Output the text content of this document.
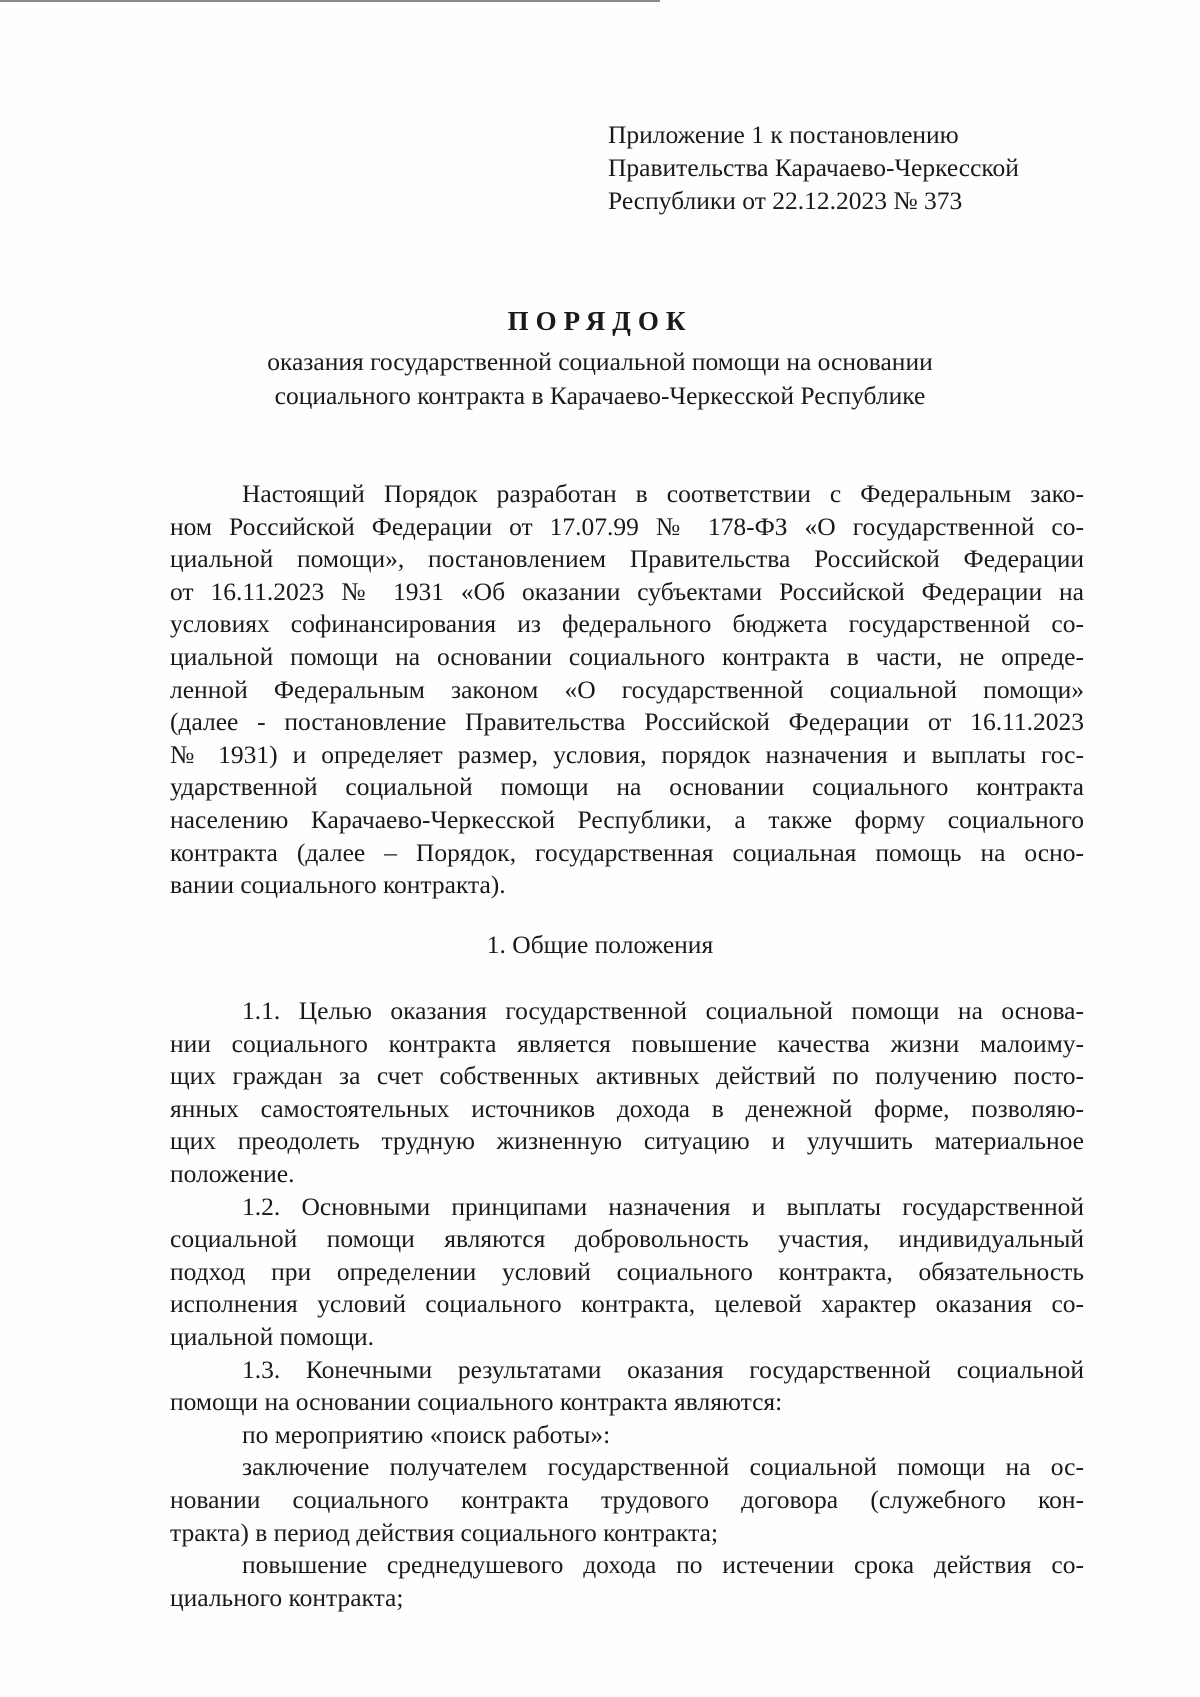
Приложение 1 к постановлению
Правительства Карачаево-Черкесской
Республики от 22.12.2023 № 373
ПОРЯДОК
оказания государственной социальной помощи на основании
социального контракта в Карачаево-Черкесской Республике
Настоящий Порядок разработан в соответствии с Федеральным зако-
ном Российской Федерации от 17.07.99 № 178-ФЗ «О государственной со-
циальной помощи», постановлением Правительства Российской Федерации
от 16.11.2023 № 1931 «Об оказании субъектами Российской Федерации на
условиях софинансирования из федерального бюджета государственной со-
циальной помощи на основании социального контракта в части, не опреде-
ленной Федеральным законом «О государственной социальной помощи»
(далее - постановление Правительства Российской Федерации от 16.11.2023
№ 1931) и определяет размер, условия, порядок назначения и выплаты гос-
ударственной социальной помощи на основании социального контракта
населению Карачаево-Черкесской Республики, а также форму социального
контракта (далее – Порядок, государственная социальная помощь на осно-
вании социального контракта).
1. Общие положения
1.1. Целью оказания государственной социальной помощи на основа-
нии социального контракта является повышение качества жизни малоиму-
щих граждан за счет собственных активных действий по получению посто-
янных самостоятельных источников дохода в денежной форме, позволяю-
щих преодолеть трудную жизненную ситуацию и улучшить материальное
положение.
1.2. Основными принципами назначения и выплаты государственной
социальной помощи являются добровольность участия, индивидуальный
подход при определении условий социального контракта, обязательность
исполнения условий социального контракта, целевой характер оказания со-
циальной помощи.
1.3. Конечными результатами оказания государственной социальной
помощи на основании социального контракта являются:
по мероприятию «поиск работы»:
заключение получателем государственной социальной помощи на ос-
новании социального контракта трудового договора (служебного кон-
тракта) в период действия социального контракта;
повышение среднедушевого дохода по истечении срока действия со-
циального контракта;
